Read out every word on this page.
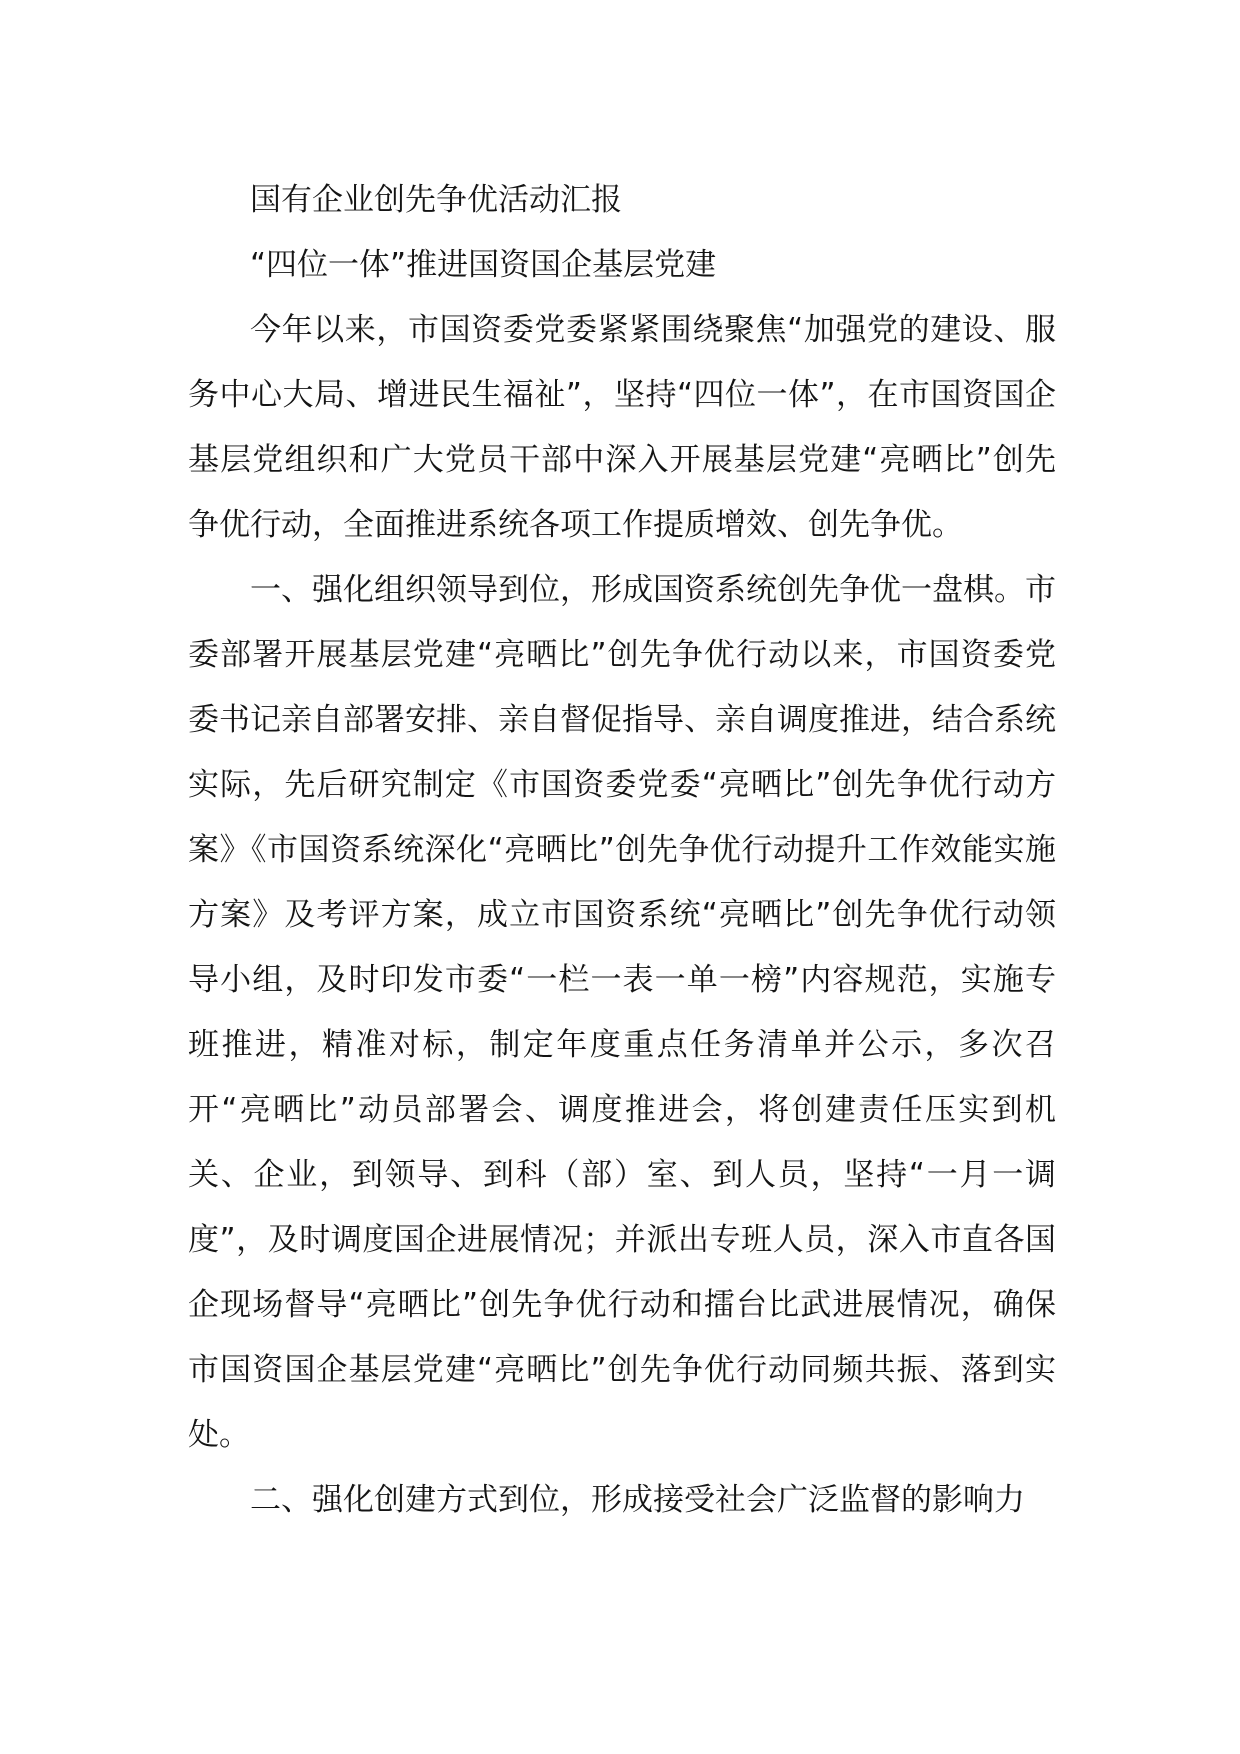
国有企业创先争优活动汇报

“四位一体”推进国资国企基层党建

今年以来，市国资委党委紧紧围绕聚焦“加强党的建设、服务中心大局、增进民生福祉”，坚持“四位一体”，在市国资国企基层党组织和广大党员干部中深入开展基层党建“亮晒比”创先争优行动，全面推进系统各项工作提质增效、创先争优。

一、强化组织领导到位，形成国资系统创先争优一盘棋。市委部署开展基层党建“亮晒比”创先争优行动以来，市国资委党委书记亲自部署安排、亲自督促指导、亲自调度推进，结合系统实际，先后研究制定《市国资委党委“亮晒比”创先争优行动方案》《市国资系统深化“亮晒比”创先争优行动提升工作效能实施方案》及考评方案，成立市国资系统“亮晒比”创先争优行动领导小组，及时印发市委“一栏一表一单一榜”内容规范，实施专班推进，精准对标，制定年度重点任务清单并公示，多次召开“亮晒比”动员部署会、调度推进会，将创建责任压实到机关、企业，到领导、到科（部）室、到人员，坚持“一月一调度”，及时调度国企进展情况；并派出专班人员，深入市直各国企现场督导“亮晒比”创先争优行动和擂台比武进展情况，确保市国资国企基层党建“亮晒比”创先争优行动同频共振、落到实处。

二、强化创建方式到位，形成接受社会广泛监督的影响力
